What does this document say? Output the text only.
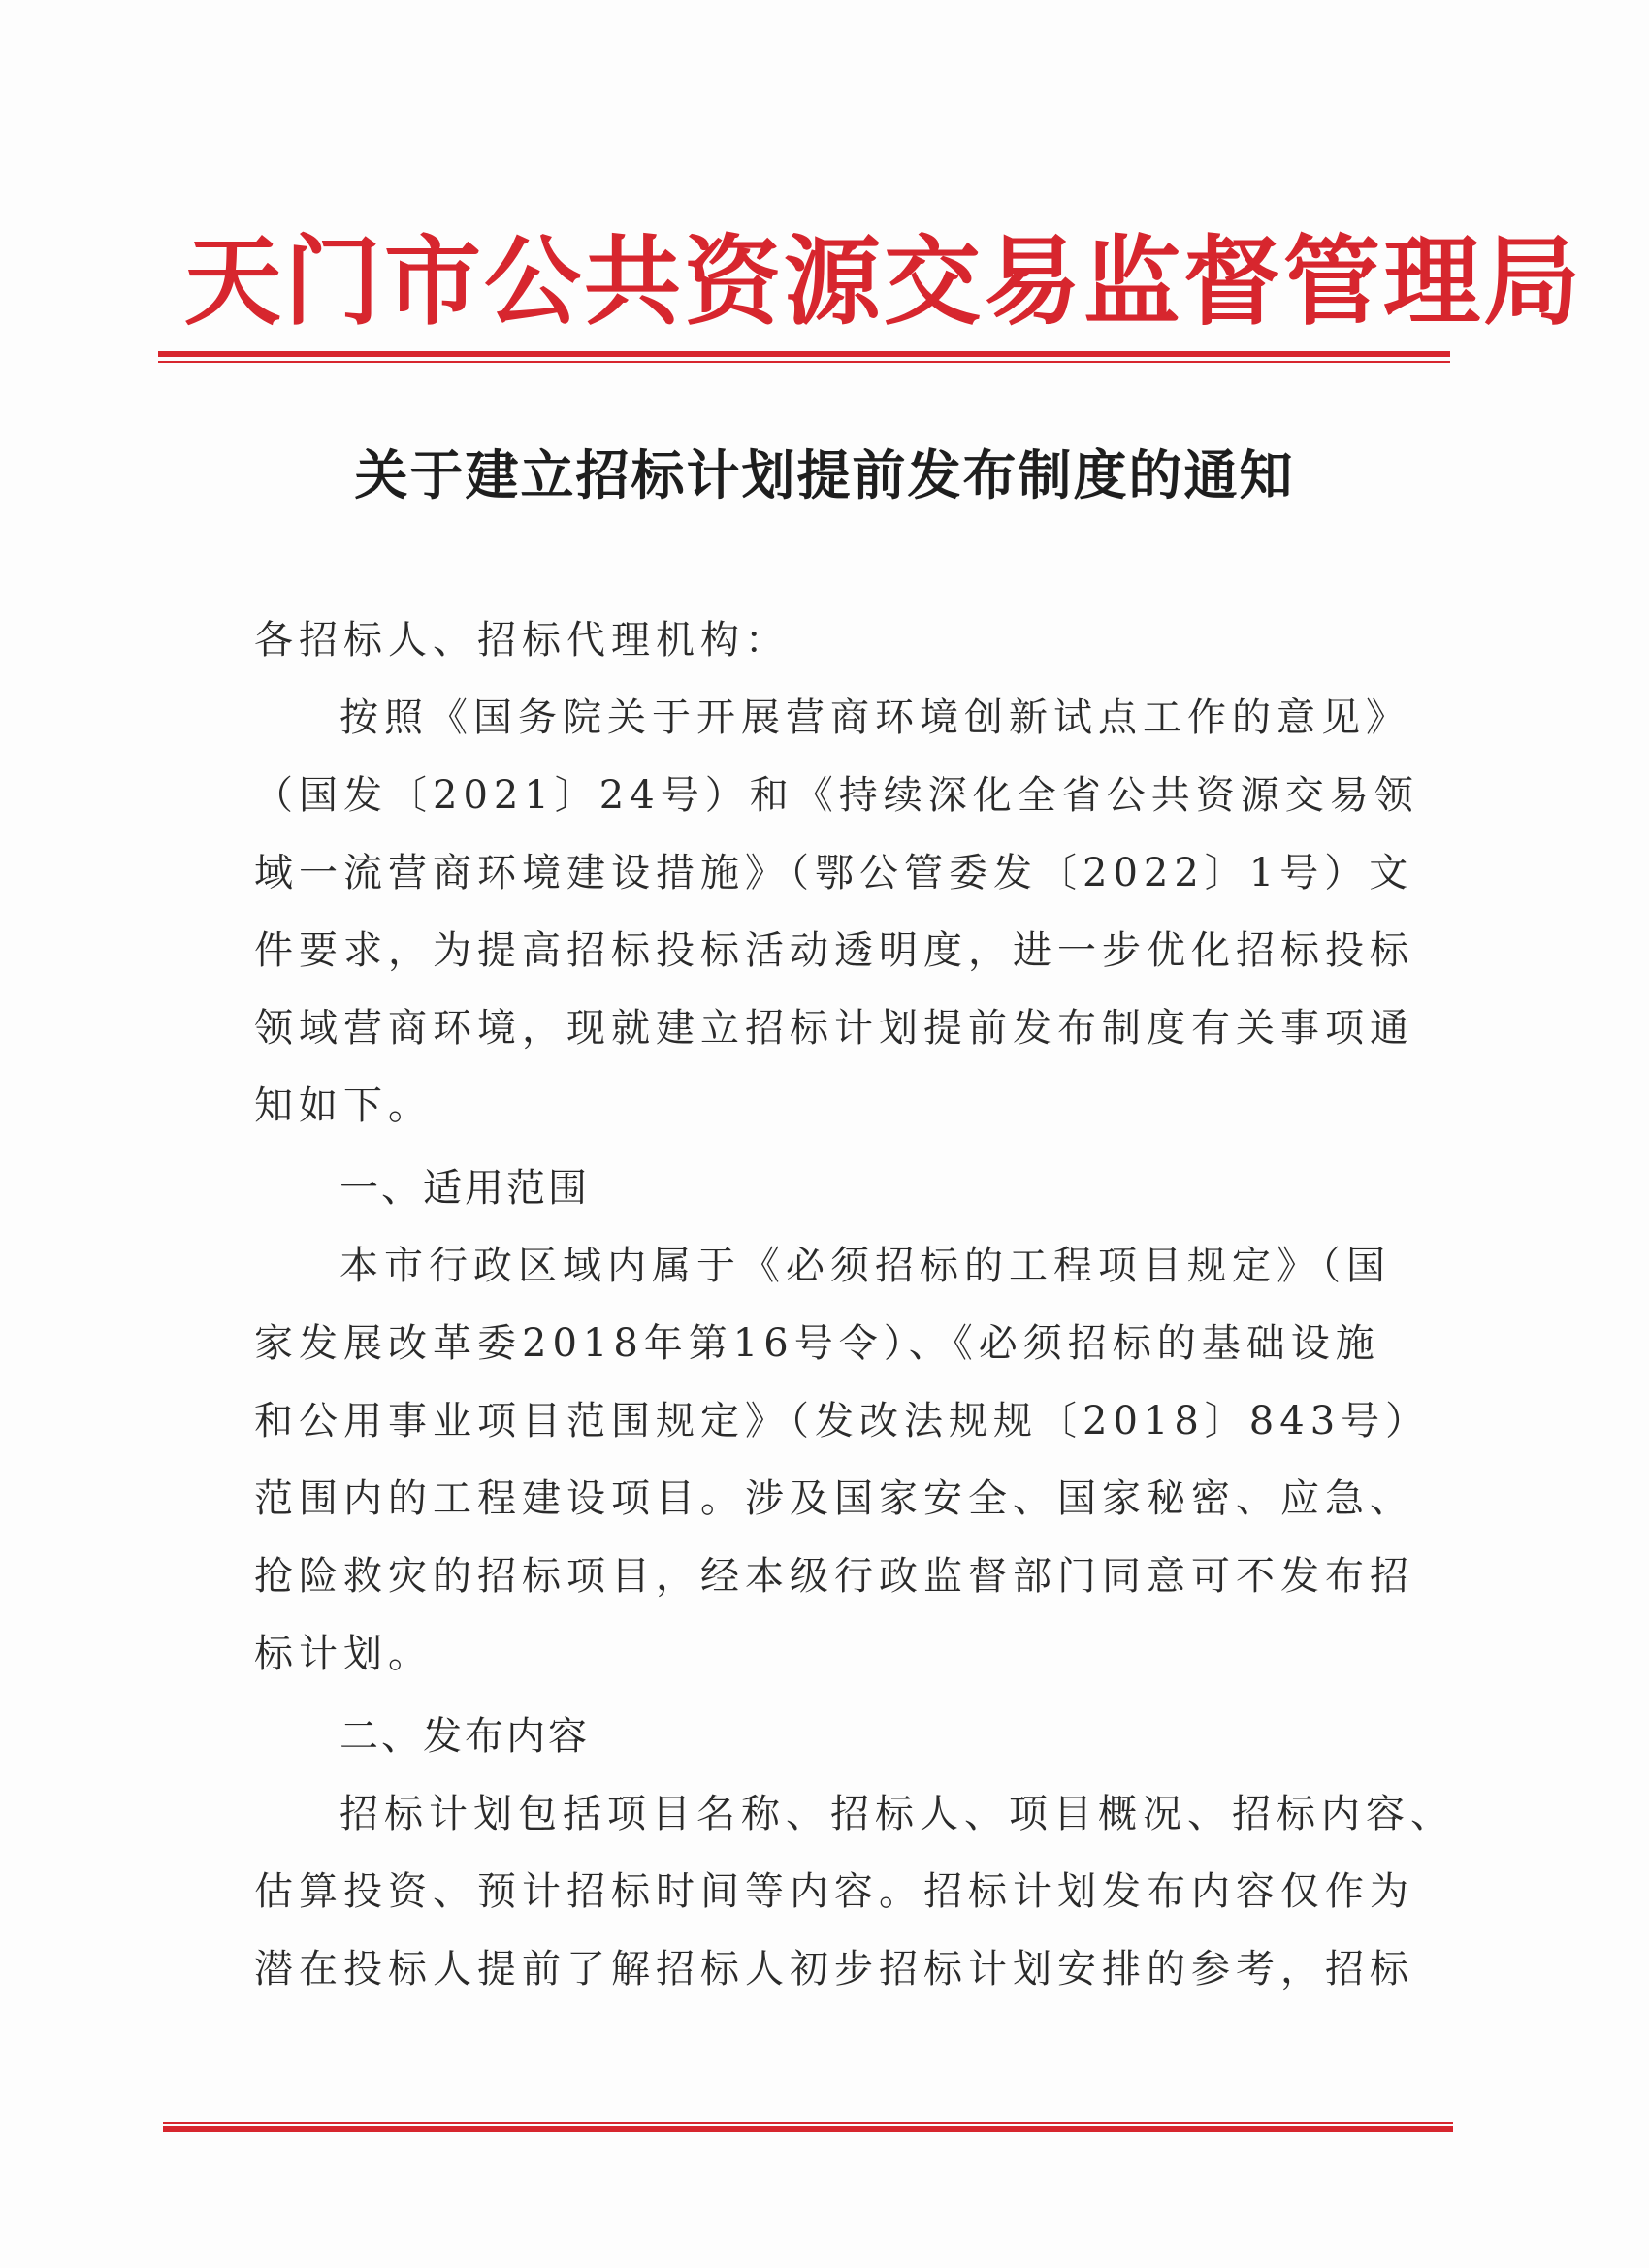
天门市公共资源交易监督管理局
关于建立招标计划提前发布制度的通知
各招标人、招标代理机构：
按照《国务院关于开展营商环境创新试点工作的意见》
（国发〔2021〕24号）和《持续深化全省公共资源交易领
域一流营商环境建设措施》（鄂公管委发〔2022〕1号）文
件要求，为提高招标投标活动透明度，进一步优化招标投标
领域营商环境，现就建立招标计划提前发布制度有关事项通
知如下。
一、适用范围
本市行政区域内属于《必须招标的工程项目规定》（国
家发展改革委2018年第16号令）、《必须招标的基础设施
和公用事业项目范围规定》（发改法规规〔2018〕843号）
范围内的工程建设项目。涉及国家安全、国家秘密、应急、
抢险救灾的招标项目，经本级行政监督部门同意可不发布招
标计划。
二、发布内容
招标计划包括项目名称、招标人、项目概况、招标内容、
估算投资、预计招标时间等内容。招标计划发布内容仅作为
潜在投标人提前了解招标人初步招标计划安排的参考，招标
